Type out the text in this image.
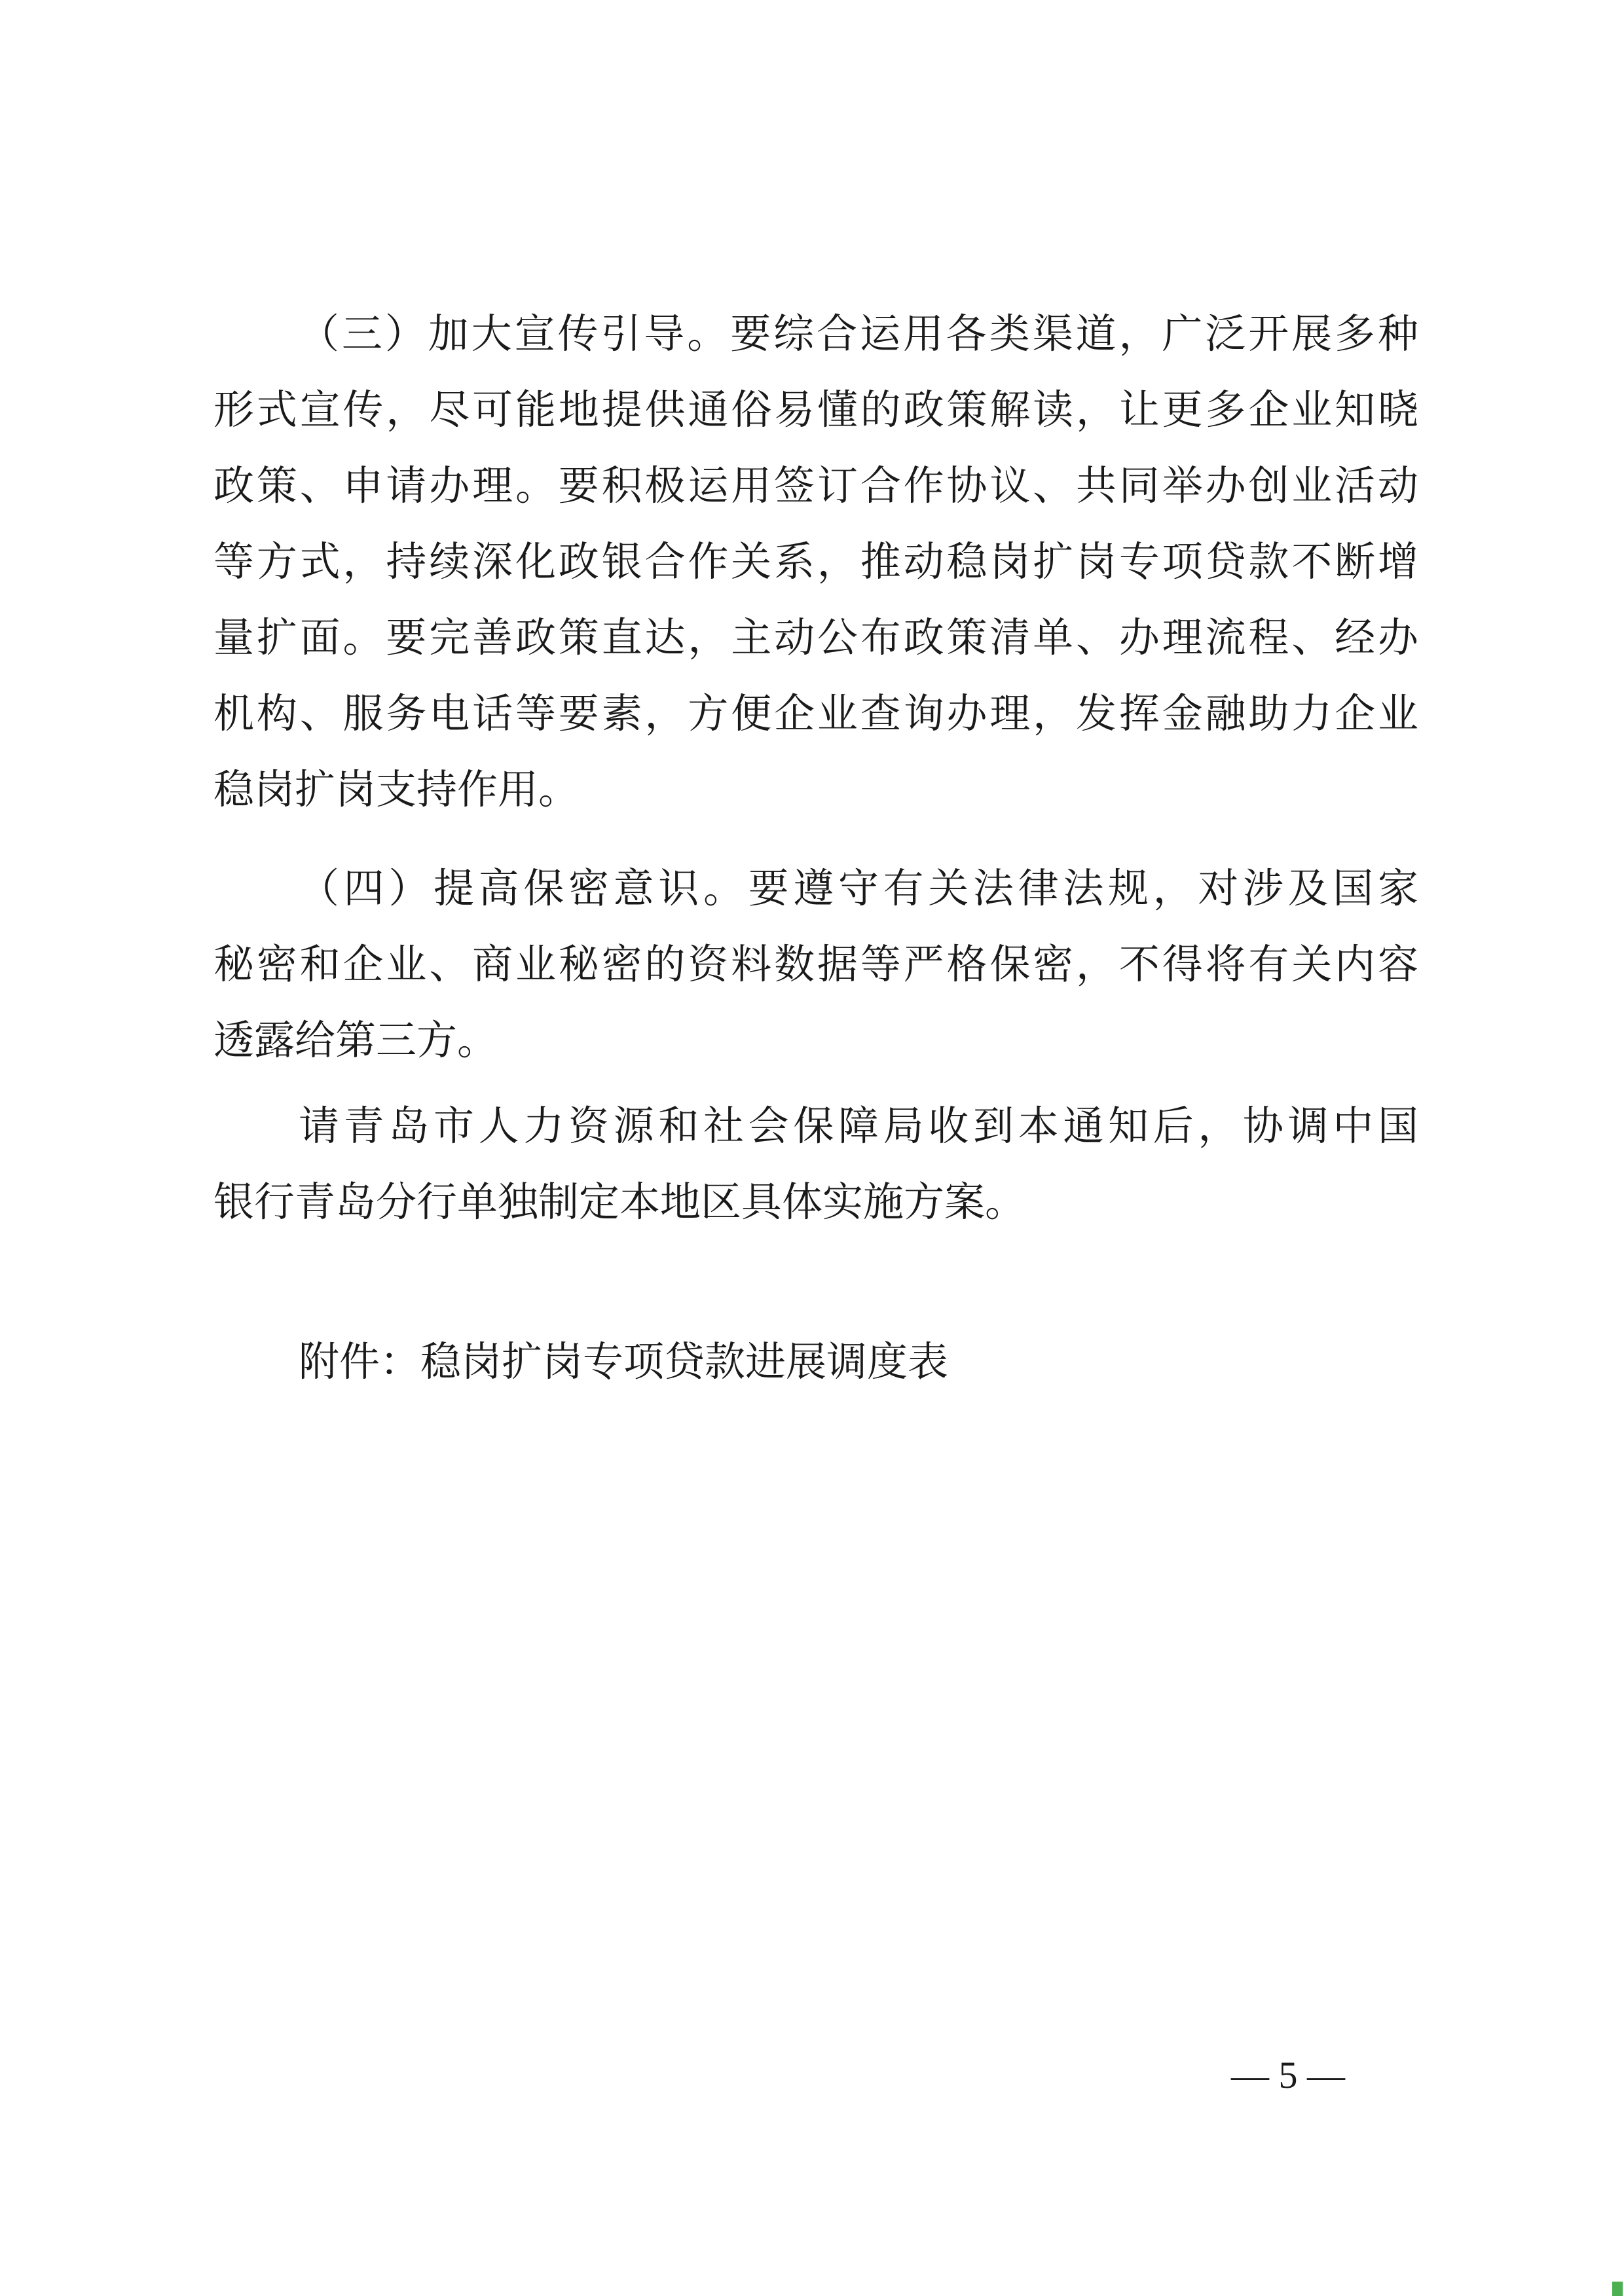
（三）加大宣传引导。要综合运用各类渠道，广泛开展多种
形式宣传，尽可能地提供通俗易懂的政策解读，让更多企业知晓
政策、申请办理。要积极运用签订合作协议、共同举办创业活动
等方式，持续深化政银合作关系，推动稳岗扩岗专项贷款不断增
量扩面。要完善政策直达，主动公布政策清单、办理流程、经办
机构、服务电话等要素，方便企业查询办理，发挥金融助力企业
稳岗扩岗支持作用。
（四）提高保密意识。要遵守有关法律法规，对涉及国家
秘密和企业、商业秘密的资料数据等严格保密，不得将有关内容
透露给第三方。
请青岛市人力资源和社会保障局收到本通知后，协调中国
银行青岛分行单独制定本地区具体实施方案。
附件：稳岗扩岗专项贷款进展调度表
— 5 —
